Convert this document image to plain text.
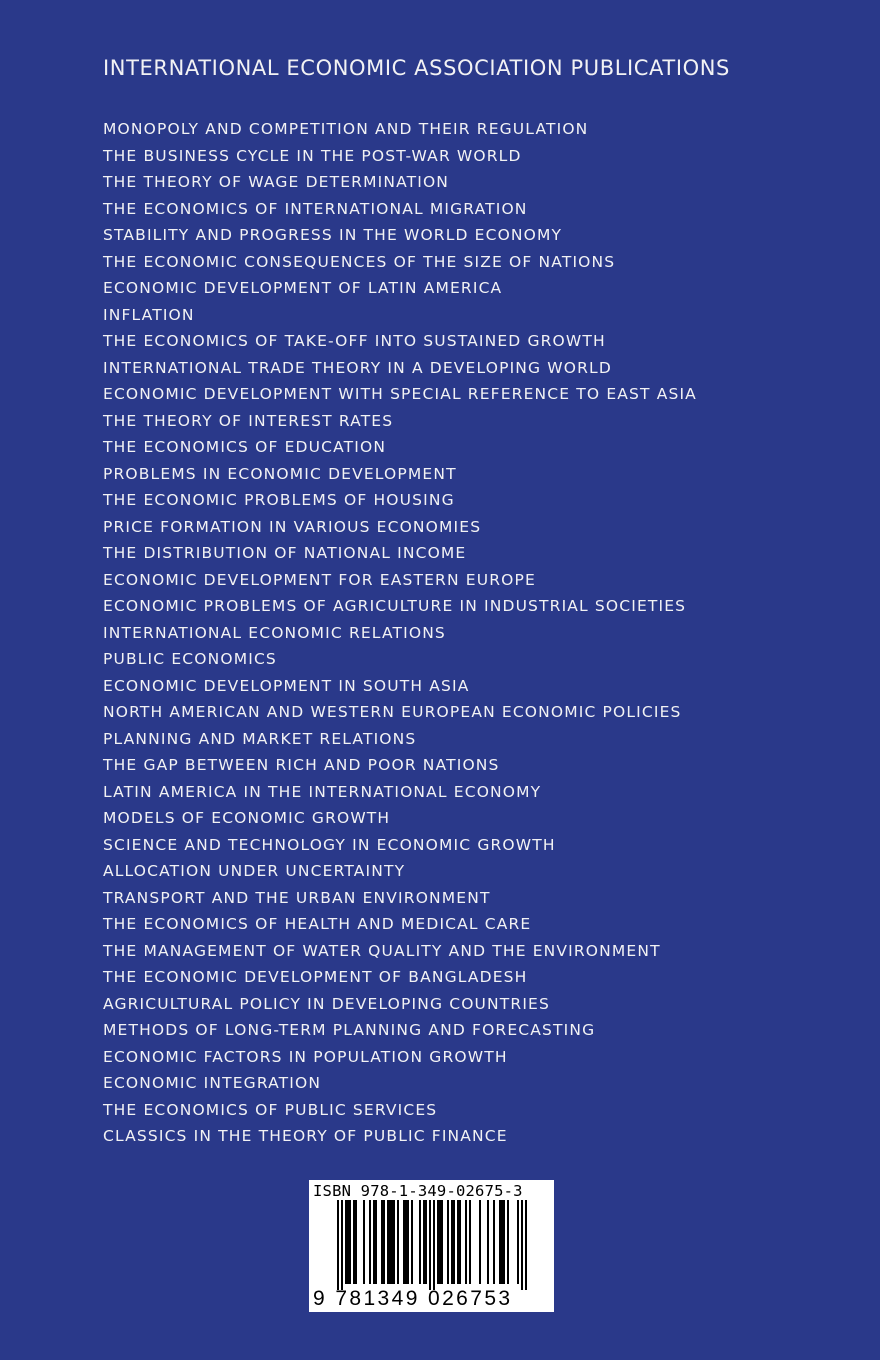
INTERNATIONAL ECONOMIC ASSOCIATION PUBLICATIONS
MONOPOLY AND COMPETITION AND THEIR REGULATION
THE BUSINESS CYCLE IN THE POST-WAR WORLD
THE THEORY OF WAGE DETERMINATION
THE ECONOMICS OF INTERNATIONAL MIGRATION
STABILITY AND PROGRESS IN THE WORLD ECONOMY
THE ECONOMIC CONSEQUENCES OF THE SIZE OF NATIONS
ECONOMIC DEVELOPMENT OF LATIN AMERICA
INFLATION
THE ECONOMICS OF TAKE-OFF INTO SUSTAINED GROWTH
INTERNATIONAL TRADE THEORY IN A DEVELOPING WORLD
ECONOMIC DEVELOPMENT WITH SPECIAL REFERENCE TO EAST ASIA
THE THEORY OF INTEREST RATES
THE ECONOMICS OF EDUCATION
PROBLEMS IN ECONOMIC DEVELOPMENT
THE ECONOMIC PROBLEMS OF HOUSING
PRICE FORMATION IN VARIOUS ECONOMIES
THE DISTRIBUTION OF NATIONAL INCOME
ECONOMIC DEVELOPMENT FOR EASTERN EUROPE
ECONOMIC PROBLEMS OF AGRICULTURE IN INDUSTRIAL SOCIETIES
INTERNATIONAL ECONOMIC RELATIONS
PUBLIC ECONOMICS
ECONOMIC DEVELOPMENT IN SOUTH ASIA
NORTH AMERICAN AND WESTERN EUROPEAN ECONOMIC POLICIES
PLANNING AND MARKET RELATIONS
THE GAP BETWEEN RICH AND POOR NATIONS
LATIN AMERICA IN THE INTERNATIONAL ECONOMY
MODELS OF ECONOMIC GROWTH
SCIENCE AND TECHNOLOGY IN ECONOMIC GROWTH
ALLOCATION UNDER UNCERTAINTY
TRANSPORT AND THE URBAN ENVIRONMENT
THE ECONOMICS OF HEALTH AND MEDICAL CARE
THE MANAGEMENT OF WATER QUALITY AND THE ENVIRONMENT
THE ECONOMIC DEVELOPMENT OF BANGLADESH
AGRICULTURAL POLICY IN DEVELOPING COUNTRIES
METHODS OF LONG-TERM PLANNING AND FORECASTING
ECONOMIC FACTORS IN POPULATION GROWTH
ECONOMIC INTEGRATION
THE ECONOMICS OF PUBLIC SERVICES
CLASSICS IN THE THEORY OF PUBLIC FINANCE
ISBN 978-1-349-02675-3
9 781349 026753
